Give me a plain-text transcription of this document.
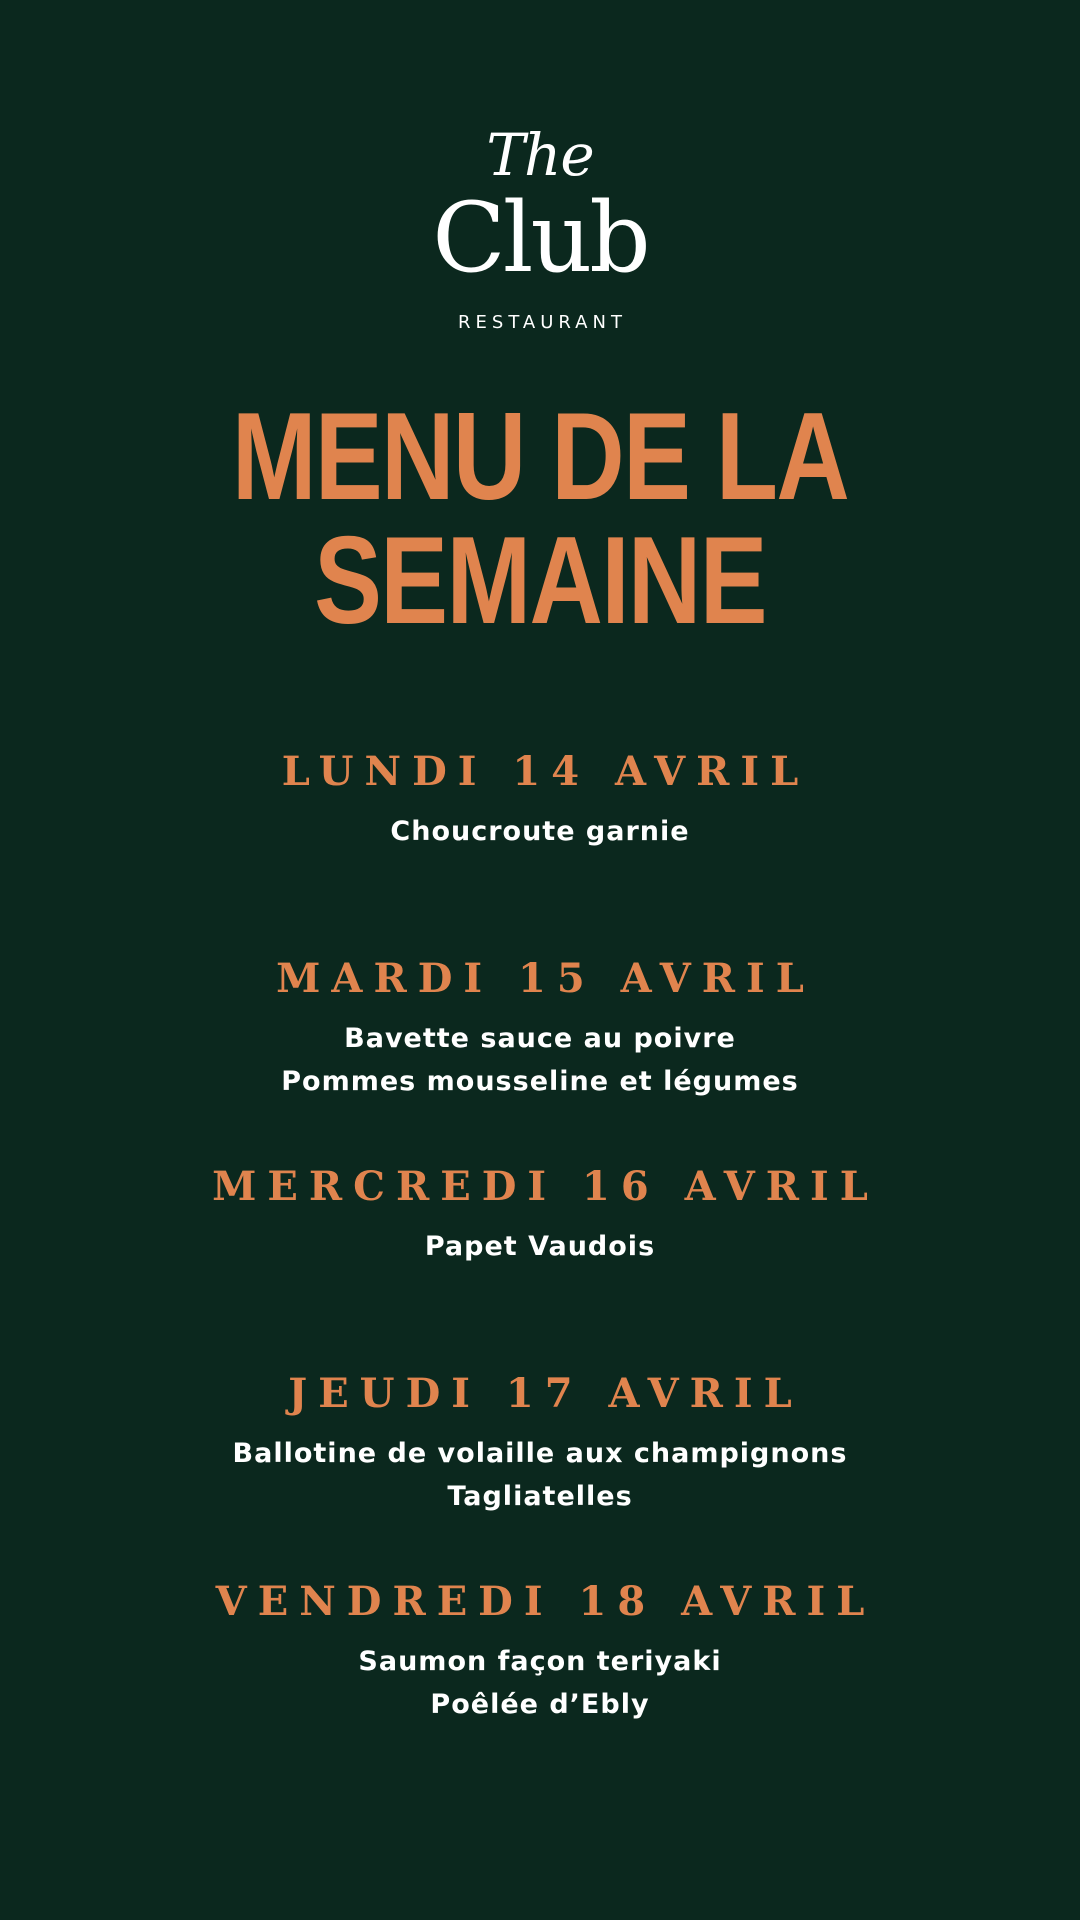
The
Club
RESTAURANT
MENU DE LA
SEMAINE
LUNDI 14 AVRIL
Choucroute garnie
MARDI 15 AVRIL
Bavette sauce au poivre
Pommes mousseline et légumes
MERCREDI 16 AVRIL
Papet Vaudois
JEUDI 17 AVRIL
Ballotine de volaille aux champignons
Tagliatelles
VENDREDI 18 AVRIL
Saumon façon teriyaki
Poêlée d’Ebly
